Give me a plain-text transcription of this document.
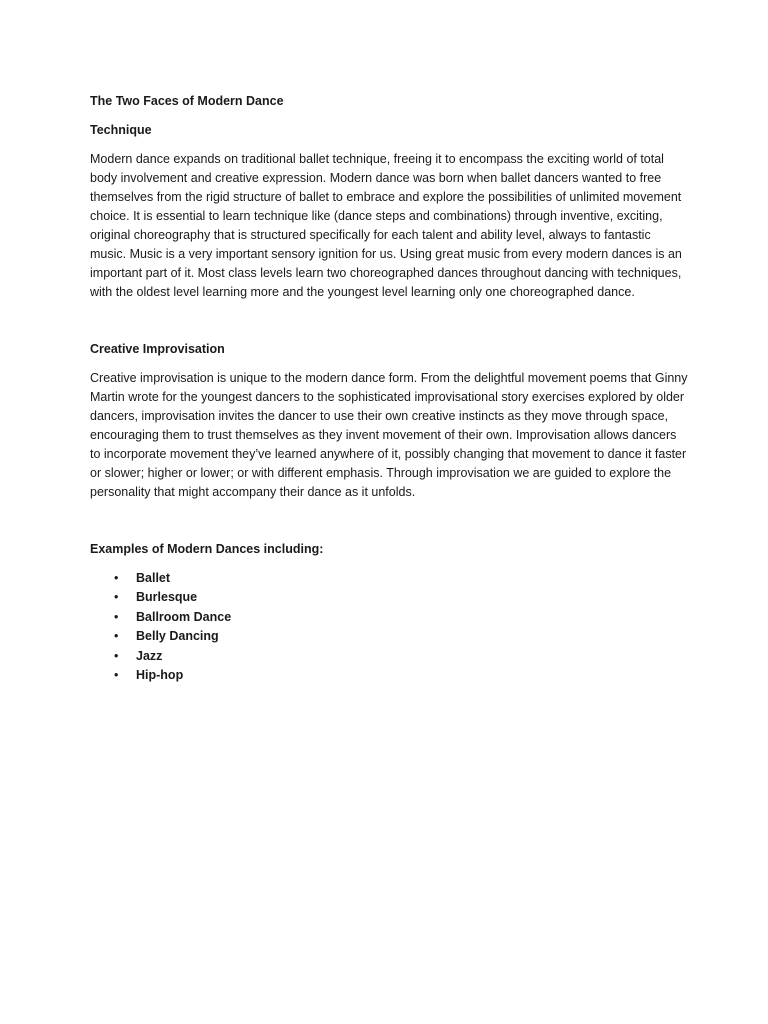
The Two Faces of Modern Dance

Technique

Modern dance expands on traditional ballet technique, freeing it to encompass the exciting world of total body involvement and creative expression. Modern dance was born when ballet dancers wanted to free themselves from the rigid structure of ballet to embrace and explore the possibilities of unlimited movement choice. It is essential to learn technique like (dance steps and combinations) through inventive, exciting, original choreography that is structured specifically for each talent and ability level, always to fantastic music. Music is a very important sensory ignition for us. Using great music from every modern dances is an important part of it. Most class levels learn two choreographed dances throughout dancing with techniques, with the oldest level learning more and the youngest level learning only one choreographed dance.

Creative Improvisation

Creative improvisation is unique to the modern dance form. From the delightful movement poems that Ginny Martin wrote for the youngest dancers to the sophisticated improvisational story exercises explored by older dancers, improvisation invites the dancer to use their own creative instincts as they move through space, encouraging them to trust themselves as they invent movement of their own. Improvisation allows dancers to incorporate movement they’ve learned anywhere of it, possibly changing that movement to dance it faster or slower; higher or lower; or with different emphasis. Through improvisation we are guided to explore the personality that might accompany their dance as it unfolds.

Examples of Modern Dances including:

• Ballet
• Burlesque
• Ballroom Dance
• Belly Dancing
• Jazz
• Hip-hop
